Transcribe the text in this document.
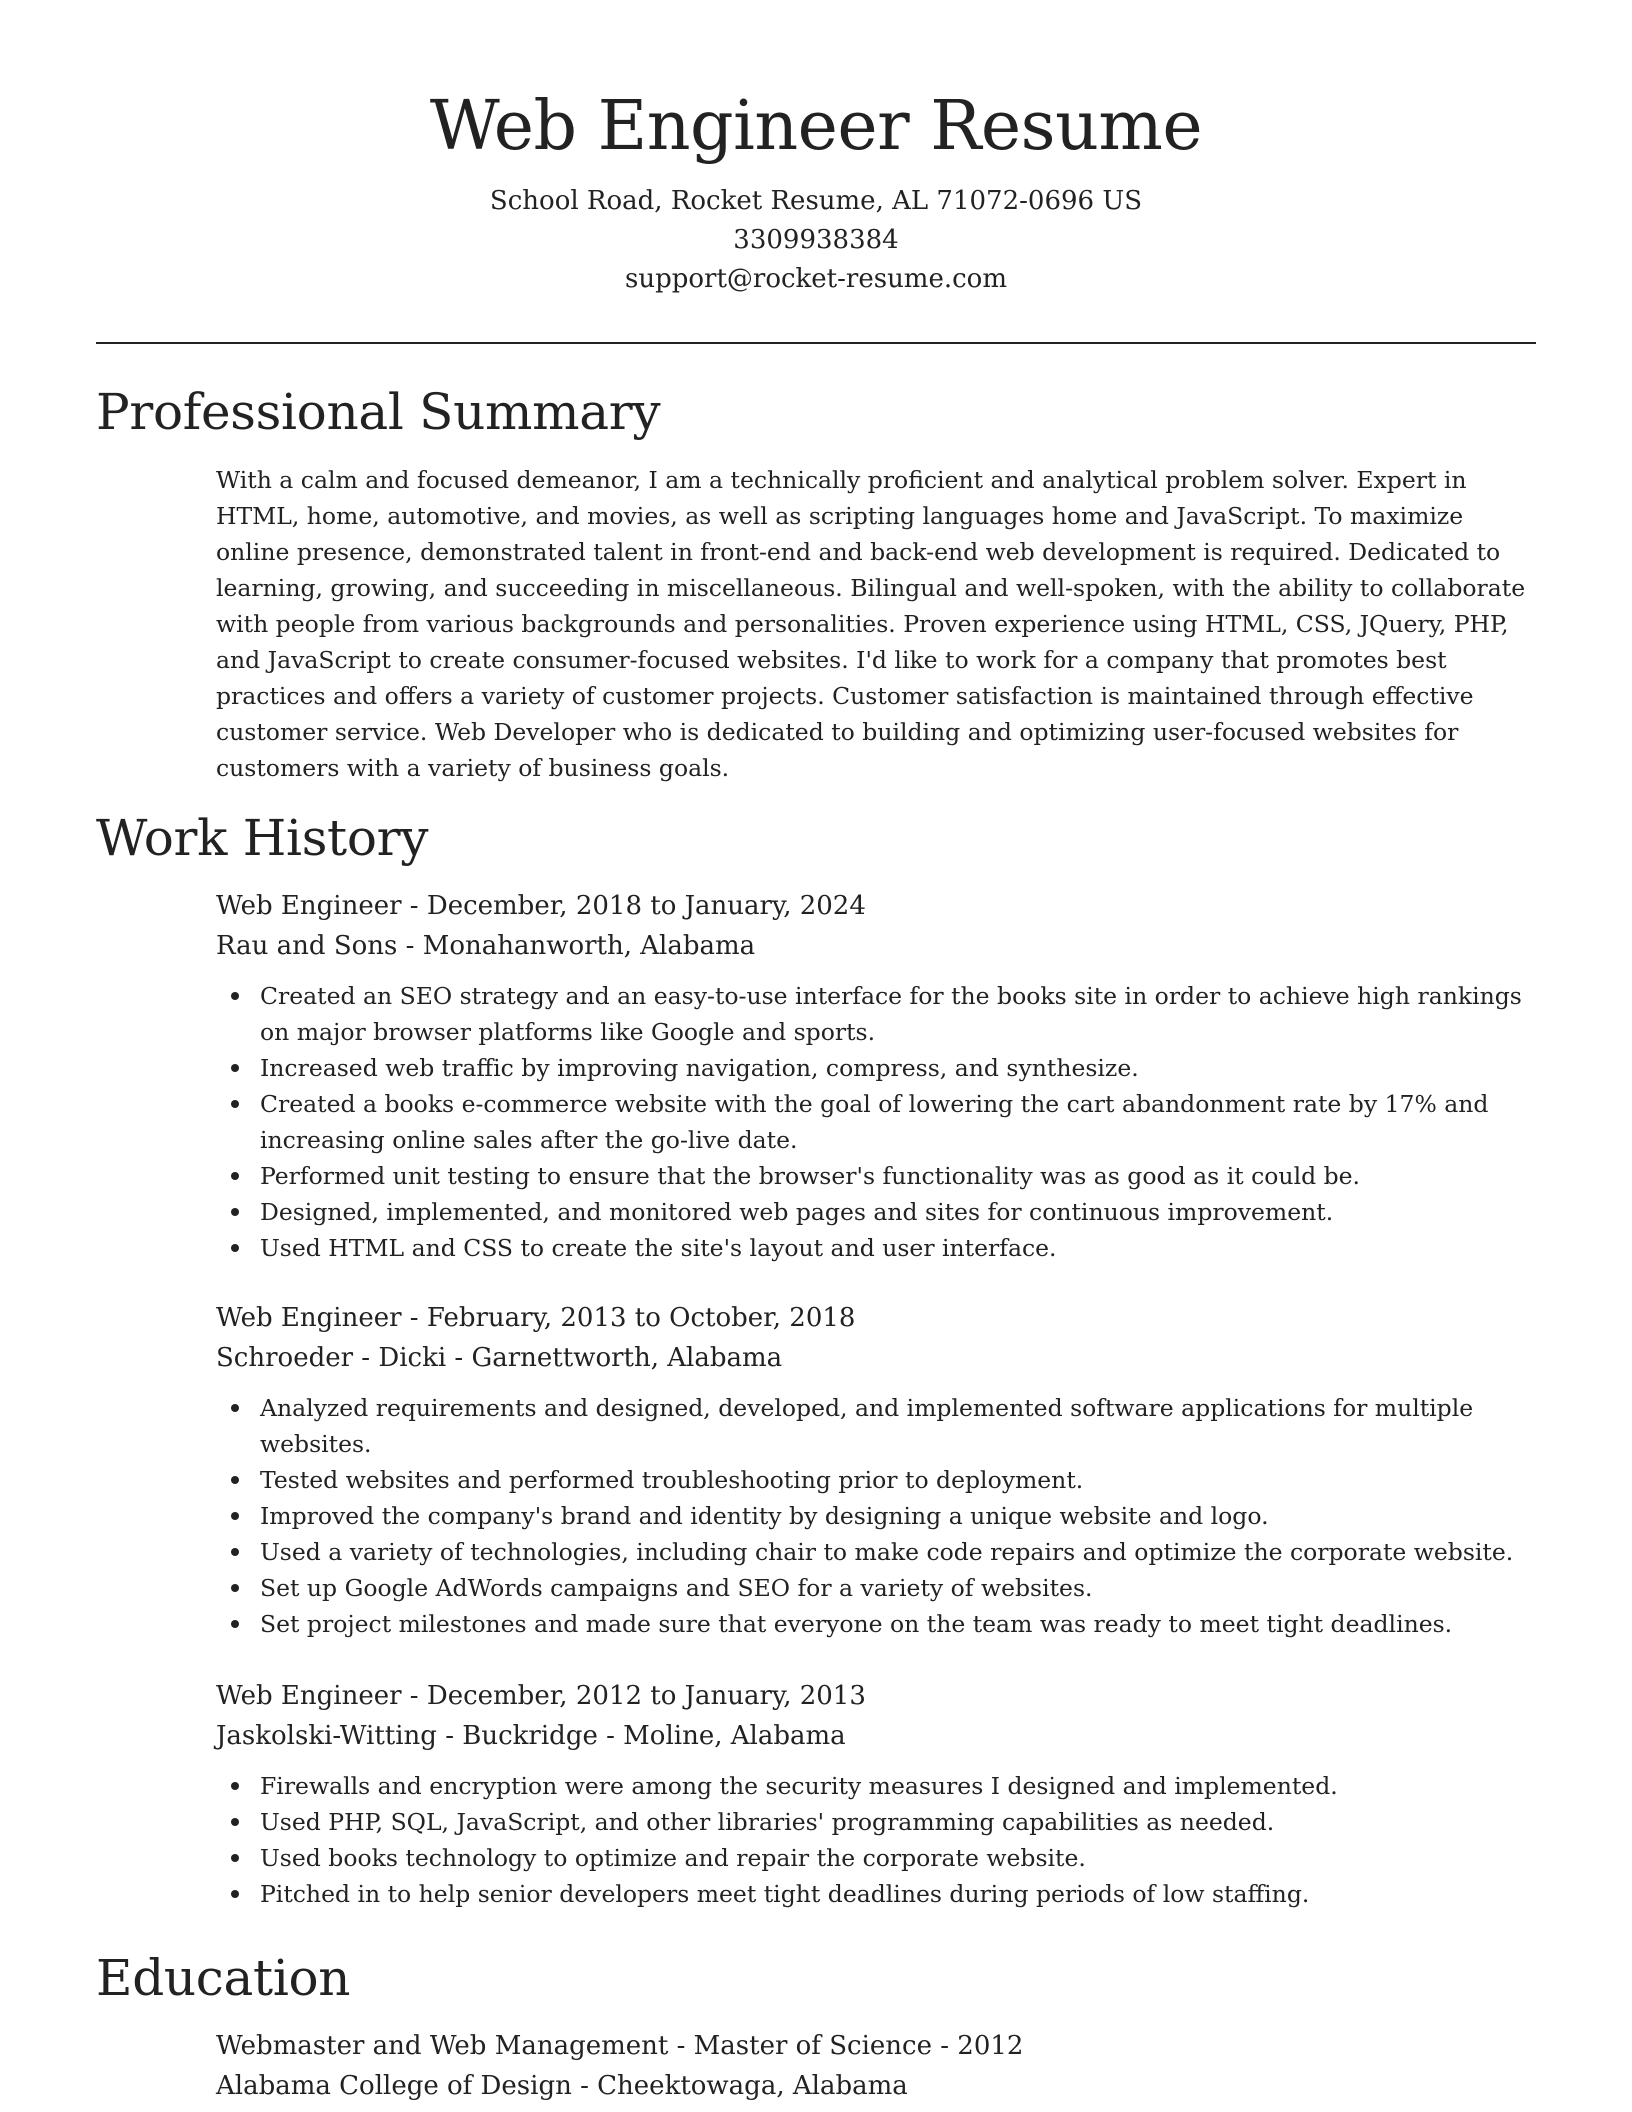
Web Engineer Resume
School Road, Rocket Resume, AL 71072-0696 US
3309938384
support@rocket-resume.com
Professional Summary
With a calm and focused demeanor, I am a technically proficient and analytical problem solver. Expert in HTML, home, automotive, and movies, as well as scripting languages home and JavaScript. To maximize online presence, demonstrated talent in front-end and back-end web development is required. Dedicated to learning, growing, and succeeding in miscellaneous. Bilingual and well-spoken, with the ability to collaborate with people from various backgrounds and personalities. Proven experience using HTML, CSS, JQuery, PHP, and JavaScript to create consumer-focused websites. I'd like to work for a company that promotes best practices and offers a variety of customer projects. Customer satisfaction is maintained through effective customer service. Web Developer who is dedicated to building and optimizing user-focused websites for customers with a variety of business goals.
Work History
Web Engineer - December, 2018 to January, 2024
Rau and Sons - Monahanworth, Alabama
Created an SEO strategy and an easy-to-use interface for the books site in order to achieve high rankings on major browser platforms like Google and sports.
Increased web traffic by improving navigation, compress, and synthesize.
Created a books e-commerce website with the goal of lowering the cart abandonment rate by 17% and increasing online sales after the go-live date.
Performed unit testing to ensure that the browser's functionality was as good as it could be.
Designed, implemented, and monitored web pages and sites for continuous improvement.
Used HTML and CSS to create the site's layout and user interface.
Web Engineer - February, 2013 to October, 2018
Schroeder - Dicki - Garnettworth, Alabama
Analyzed requirements and designed, developed, and implemented software applications for multiple websites.
Tested websites and performed troubleshooting prior to deployment.
Improved the company's brand and identity by designing a unique website and logo.
Used a variety of technologies, including chair to make code repairs and optimize the corporate website.
Set up Google AdWords campaigns and SEO for a variety of websites.
Set project milestones and made sure that everyone on the team was ready to meet tight deadlines.
Web Engineer - December, 2012 to January, 2013
Jaskolski-Witting - Buckridge - Moline, Alabama
Firewalls and encryption were among the security measures I designed and implemented.
Used PHP, SQL, JavaScript, and other libraries' programming capabilities as needed.
Used books technology to optimize and repair the corporate website.
Pitched in to help senior developers meet tight deadlines during periods of low staffing.
Education
Webmaster and Web Management - Master of Science - 2012
Alabama College of Design - Cheektowaga, Alabama
